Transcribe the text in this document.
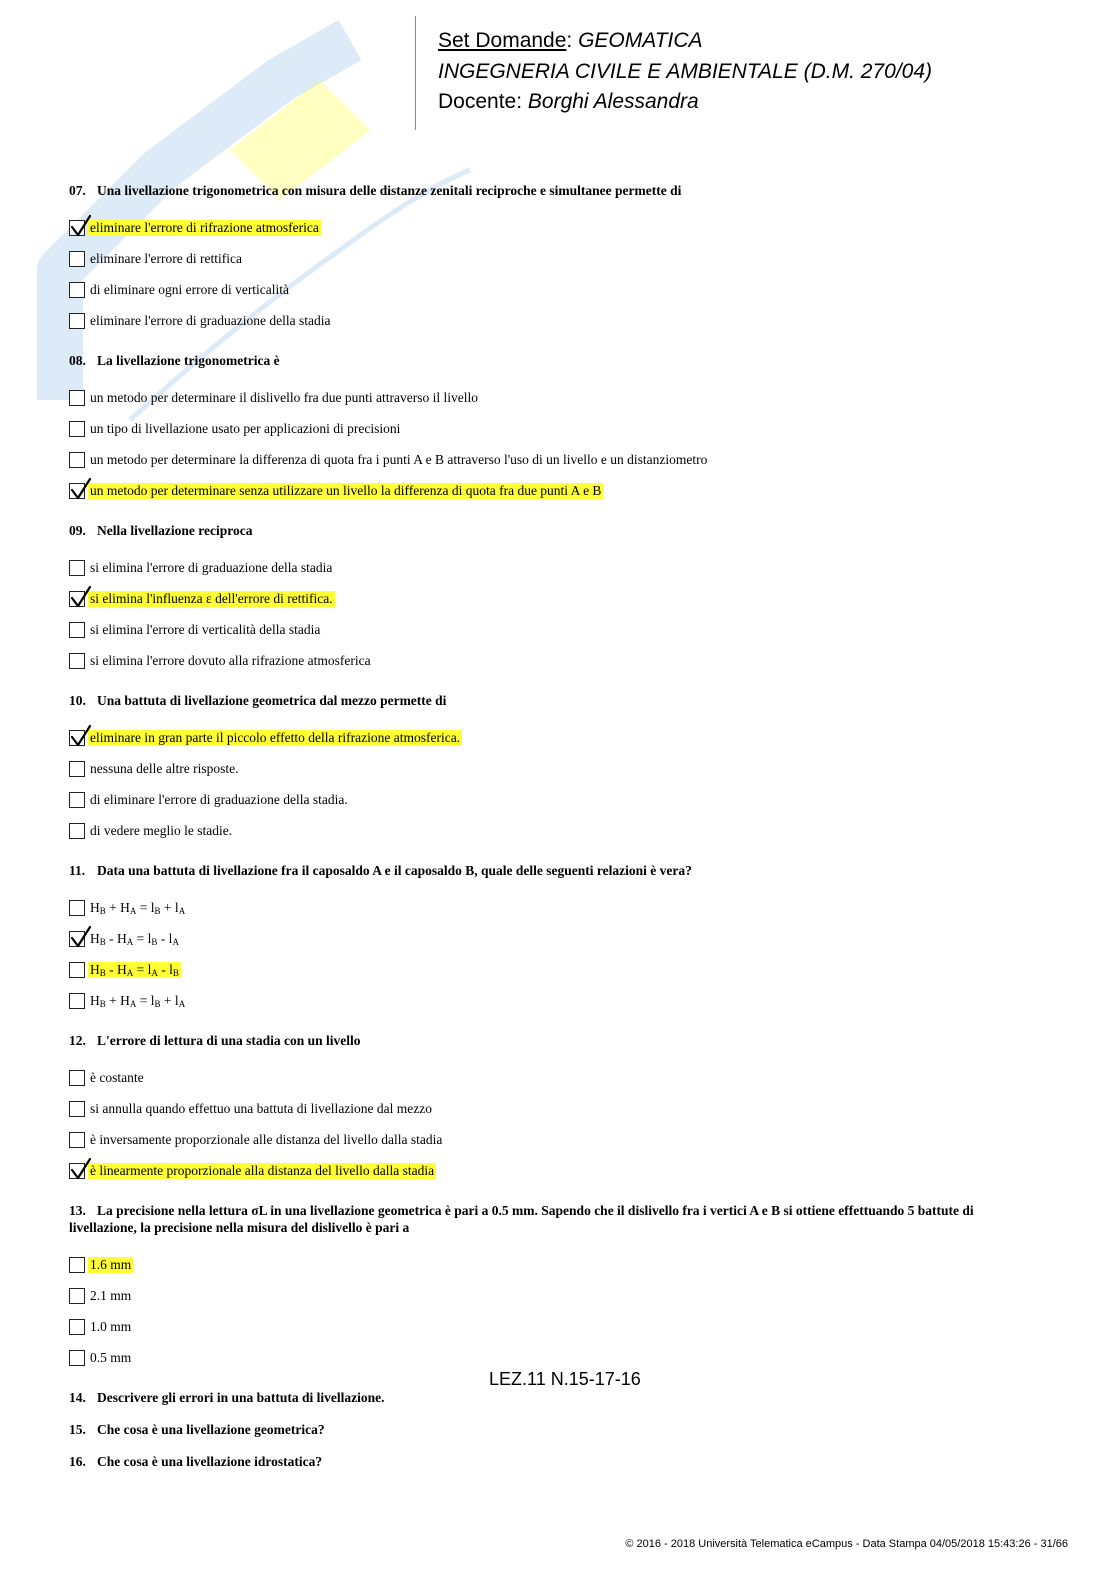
Set Domande: GEOMATICA
INGEGNERIA CIVILE E AMBIENTALE (D.M. 270/04)
Docente: Borghi Alessandra
07. Una livellazione trigonometrica con misura delle distanze zenitali reciproche e simultanee permette di
eliminare l'errore di rifrazione atmosferica
eliminare l'errore di rettifica
di eliminare ogni errore di verticalità
eliminare l'errore di graduazione della stadia
08. La livellazione trigonometrica è
un metodo per determinare il dislivello fra due punti attraverso il livello
un tipo di livellazione usato per applicazioni di precisioni
un metodo per determinare la differenza di quota fra i punti A e B attraverso l'uso di un livello e un distanziometro
un metodo per determinare senza utilizzare un livello la differenza di quota fra due punti A e B
09. Nella livellazione reciproca
si elimina l'errore di graduazione della stadia
si elimina l'influenza ε dell'errore di rettifica.
si elimina l'errore di verticalità della stadia
si elimina l'errore dovuto alla rifrazione atmosferica
10. Una battuta di livellazione geometrica dal mezzo permette di
eliminare in gran parte il piccolo effetto della rifrazione atmosferica.
nessuna delle altre risposte.
di eliminare l'errore di graduazione della stadia.
di vedere meglio le stadie.
11. Data una battuta di livellazione fra il caposaldo A e il caposaldo B, quale delle seguenti relazioni è vera?
$H_B + H_A = l_B + l_A$
$H_B - H_A = l_B - l_A$
$H_B - H_A = l_A - l_B$
$H_B + H_A = l_B + l_A$
12. L'errore di lettura di una stadia con un livello
è costante
si annulla quando effettuo una battuta di livellazione dal mezzo
è inversamente proporzionale alle distanza del livello dalla stadia
è linearmente proporzionale alla distanza del livello dalla stadia
13. La precisione nella lettura σL in una livellazione geometrica è pari a 0.5 mm. Sapendo che il dislivello fra i vertici A e B si ottiene effettuando 5 battute di livellazione, la precisione nella misura del dislivello è pari a
1.6 mm
2.1 mm
1.0 mm
0.5 mm
14. Descrivere gli errori in una battuta di livellazione.
15. Che cosa è una livellazione geometrica?
16. Che cosa è una livellazione idrostatica?
LEZ.11 N.15-17-16
© 2016 - 2018 Università Telematica eCampus - Data Stampa 04/05/2018 15:43:26 - 31/66
